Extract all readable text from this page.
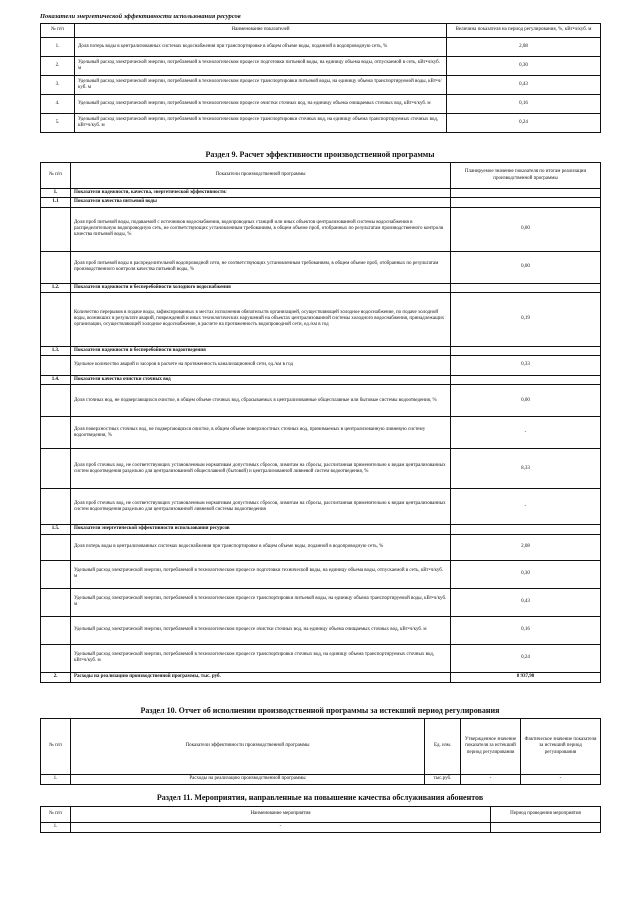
Показатели энергетической эффективности использования ресурсов
№ п/п	Наименование показателей	Величина показателя на период регулирования, %, кВт•ч/куб. м
1.	Доля потерь воды в централизованных системах водоснабжения при транспортировке в общем объеме воды, поданной в водопроводную сеть, %	2,08
2.	Удельный расход электрической энергии, потребляемой в технологическом процессе подготовки питьевой воды, на единицу объема воды, отпускаемой в сеть, кВт•ч/куб. м	0,30
3.	Удельный расход электрической энергии, потребляемой в технологическом процессе транспортировки питьевой воды, на единицу объема транспортируемой воды, кВт•ч/куб. м	0,43
4.	Удельный расход электрической энергии, потребляемой в технологическом процессе очистки сточных вод, на единицу объема очищаемых сточных вод, кВт•ч/куб. м	0,16
5.	Удельный расход электрической энергии, потребляемой в технологическом процессе транспортировки сточных вод, на единицу объема транспортируемых сточных вод, кВт•ч/куб. м	0,24
Раздел 9. Расчет эффективности производственной программы
№ п/п	Показатели производственной программы	Планируемое значение показателя по итогам реализации производственной программы
1.	Показатели надежности, качества, энергетической эффективности:	
1.1	Показатели качества питьевой воды	
	Доля проб питьевой воды, подаваемой с источников водоснабжения, водопроводных станций или иных объектов централизованной системы водоснабжения в распределительную водопроводную сеть, не соответствующих установленным требованиям, в общем объеме проб, отобранных по результатам производственного контроля качества питьевой воды, %	0,00
	Доля проб питьевой воды в распределительной водопроводной сети, не соответствующих установленным требованиям, в общем объеме проб, отобранных по результатам производственного контроля качества питьевой воды, %	0,00
1.2.	Показатели надежности и бесперебойности холодного водоснабжения	
	Количество перерывов в подаче воды, зафиксированных в местах исполнения обязательств организацией, осуществляющей холодное водоснабжение, по подаче холодной воды, возникших в результате аварий, повреждений и иных технологических нарушений на объектах централизованной системы холодного водоснабжения, принадлежащих организации, осуществляющей холодное водоснабжение, в расчете на протяженность водопроводной сети, ед./км в год	0,19
1.3.	Показатели надежности и бесперебойности водоотведения	
	Удельное количество аварий и засоров в расчете на протяженность канализационной сети, ед./км в год	0,33
1.4.	Показатели качества очистки сточных вод	
	Доля сточных вод, не подвергающихся очистке, в общем объеме сточных вод, сбрасываемых в централизованные общесплавные или бытовые системы водоотведения, %	0,00
	Доля поверхностных сточных вод, не подвергающихся очистке, в общем объеме поверхностных сточных вод, принимаемых в централизованную ливневую систему водоотведения, %	-
	Доля проб сточных вод, не соответствующих установленным нормативам допустимых сбросов, лимитам на сбросы, рассчитанная применительно к видам централизованных систем водоотведения раздельно для централизованной общесплавной (бытовой) и централизованной ливневой систем водоотведения, %	8,33
	Доля проб сточных вод, не соответствующих установленным нормативам допустимых сбросов, лимитам на сбросы, рассчитанная применительно к видам централизованных систем водоотведения раздельно для централизованной ливневой системы водоотведения	-
1.5.	Показатели энергетической эффективности использования ресурсов	
	Доля потерь воды в централизованных системах водоснабжения при транспортировке в общем объеме воды, поданной в водопроводную сеть, %	2,08
	Удельный расход электрической энергии, потребляемой в технологическом процессе подготовки технической воды, на единицу объема воды, отпускаемой в сеть, кВт•ч/куб. м	0,30
	Удельный расход электрической энергии, потребляемой в технологическом процессе транспортировки питьевой воды, на единицу объема транспортируемой воды, кВт•ч/куб. м	0,43
	Удельный расход электрической энергии, потребляемой в технологическом процессе очистки сточных вод, на единицу объема очищаемых сточных вод, кВт•ч/куб. м	0,16
	Удельный расход электрической энергии, потребляемой в технологическом процессе транспортировки сточных вод, на единицу объема транспортируемых сточных вод, кВт•ч/куб. м	0,24
2.	Расходы на реализацию производственной программы, тыс. руб.	8 937,90
Раздел 10. Отчет об исполнении производственной программы за истекший период регулирования
№ п/п	Показатели эффективности производственной программы	Ед. изм.	Утвержденное значение показателя за истекший период регулирования	Фактическое значение показателя за истекший период регулирования
1.	Расходы на реализацию производственной программы	тыс.руб.	-	-
Раздел 11. Мероприятия, направленные на повышение качества обслуживания абонентов
№ п/п	Наименование мероприятия	Период проведения мероприятия
1.	-	
